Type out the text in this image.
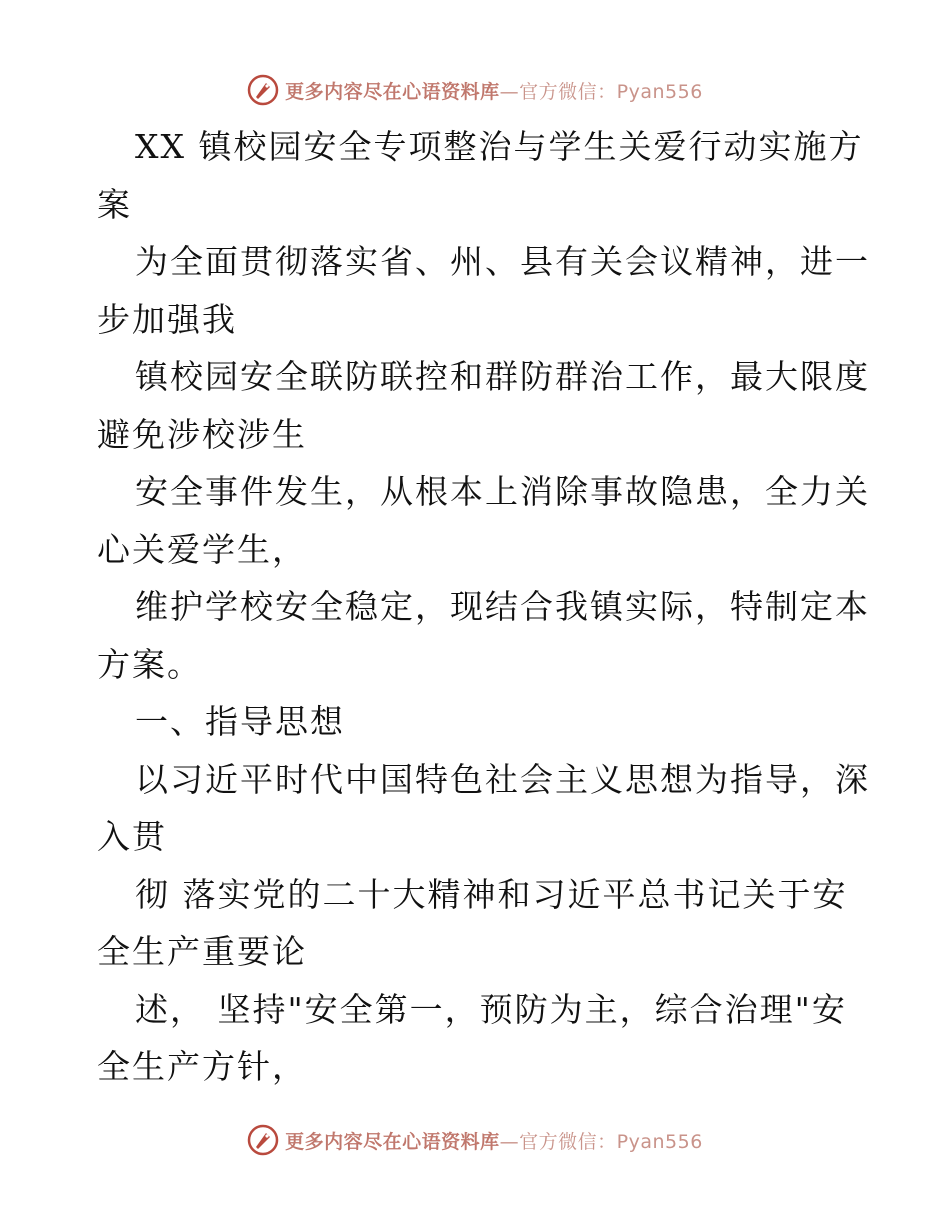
更多内容尽在心语资料库—官方微信：Pyan556
XX 镇校园安全专项整治与学生关爱行动实施方
案
为全面贯彻落实省、州、县有关会议精神，进一
步加强我
镇校园安全联防联控和群防群治工作，最大限度
避免涉校涉生
安全事件发生，从根本上消除事故隐患，全力关
心关爱学生，
维护学校安全稳定，现结合我镇实际，特制定本
方案。
一、指导思想
以习近平时代中国特色社会主义思想为指导，深
入贯
彻 落实党的二十大精神和习近平总书记关于安
全生产重要论
述， 坚持"安全第一，预防为主，综合治理"安
全生产方针，
更多内容尽在心语资料库—官方微信：Pyan556
